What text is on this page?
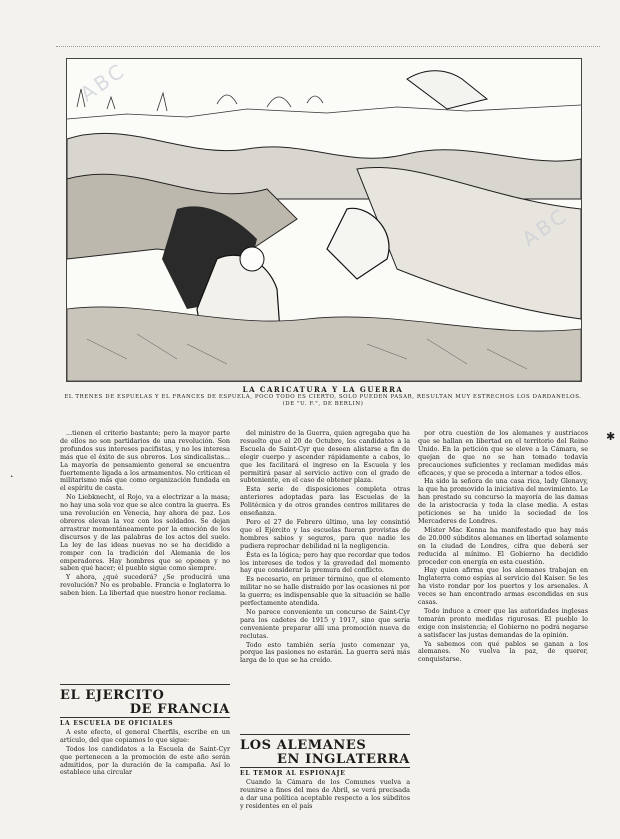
ABC
ABC
LA CARICATURA Y LA GUERRA
EL TRENES DE ESPUELAS Y EL FRANCES DE ESPUELA, POCO TODO ES CIERTO, SOLO PUEDEN PASAR, RESULTAN MUY ESTRECHOS LOS DARDANELOS. (DE "U. F.", DE BERLIN)

...tienen el criterio bastante; pero la mayor parte de ellos no son partidarios de una revolución. Son profundos sus intereses pacifistas, y no les interesa más que el éxito de sus obreros. Los sindicalistas... La mayoría de pensamiento general se encuentra fuertemente ligada a los armamentos. No critican el militarismo más que como organización fundada en el espíritu de casta.

No Liebknecht, el Rojo, va a electrizar a la masa; no hay una sola voz que se alce contra la guerra. Es una revolución en Venecia, hay ahora de paz. Los obreros elevan la voz con los soldados. Se dejan arrastrar momentáneamente por la emoción de los discursos y de las palabras de los actos del suelo. La ley de las ideas nuevas no se ha decidido a romper con la tradición del Alemania de los emperadores. Hay hombres que se oponen y no saben qué hacer; el pueblo sigue como siempre.

Y ahora, ¿qué sucederá? ¿Se producirá una revolución? No es probable. Francia e Inglaterra lo saben bien. La libertad que nuestro honor reclama.

EL EJERCITO

DE FRANCIA

LA ESCUELA DE OFICIALES

A este efecto, el general Cherfils, escribe en un artículo, del que copiamos lo que sigue:

Todos los candidatos a la Escuela de Saint-Cyr que pertenecen a la promoción de este año serán admitidos, por la duración de la campaña. Así lo establece una circular

del ministro de la Guerra, quien agregaba que ha resuelto que el 20 de Octubre, los candidatos a la Escuela de Saint-Cyr que deseen alistarse a fin de elegir cuerpo y ascender rápidamente a cabos, lo que les facilitará el ingreso en la Escuela y les permitirá pasar al servicio activo con el grado de subteniente, en el caso de obtener plaza.

Esta serie de disposiciones completa otras anteriores adoptadas para las Escuelas de la Politécnica y de otros grandes centros militares de enseñanza.

Pero el 27 de Febrero último, una ley consintió que el Ejército y las escuelas fueran provistas de hombres sabios y seguros, para que nadie les pudiera reprochar debilidad ni la negligencia.

Ésta es la lógica; pero hay que recordar que todos los intereses de todos y la gravedad del momento hay que considerar la premura del conflicto.

Es necesario, en primer término, que el elemento militar no se halle distraído por las ocasiones ni por la guerra; es indispensable que la situación se halle perfectamente atendida.

No parece conveniente un concurso de Saint-Cyr para los cadetes de 1915 y 1917, sino que sería conveniente preparar allí una promoción nueva de reclutas.

Todo esto también sería justo comenzar ya, porque las pasiones no estarán. La guerra será más larga de lo que se ha creído.

LOS ALEMANES

EN INGLATERRA

EL TEMOR AL ESPIONAJE

Cuando la Cámara de los Comunes vuelva a reunirse a fines del mes de Abril, se verá precisada a dar una política aceptable respecto a los súbditos y residentes en el país

por otra cuestión de los alemanes y austríacos que se hallan en libertad en el territorio del Reino Unido. En la petición que se eleve a la Cámara, se quejan de que no se han tomado todavía precauciones suficientes y reclaman medidas más eficaces, y que se proceda a internar a todos ellos.

Ha sido la señora de una casa rica, lady Glenavy, la que ha promovido la iniciativa del movimiento. Le han prestado su concurso la mayoría de las damas de la aristocracia y toda la clase media. A estas peticiones se ha unido la sociedad de los Mercaderes de Londres.

Míster Mac Kenna ha manifestado que hay más de 20.000 súbditos alemanes en libertad solamente en la ciudad de Londres, cifra que deberá ser reducida al mínimo. El Gobierno ha decidido proceder con energía en esta cuestión.

Hay quien afirma que los alemanes trabajan en Inglaterra como espías al servicio del Kaiser. Se les ha visto rondar por los puertos y los arsenales. A veces se han encontrado armas escondidas en sus casas.

Todo induce a creer que las autoridades inglesas tomarán pronto medidas rigurosas. El pueblo lo exige con insistencia; el Gobierno no podrá negarse a satisfacer las justas demandas de la opinión.

Ya sabemos con qué pablos se ganan a los alemanes. No vuelva la paz, de querer, conquistarse.

✱
·
